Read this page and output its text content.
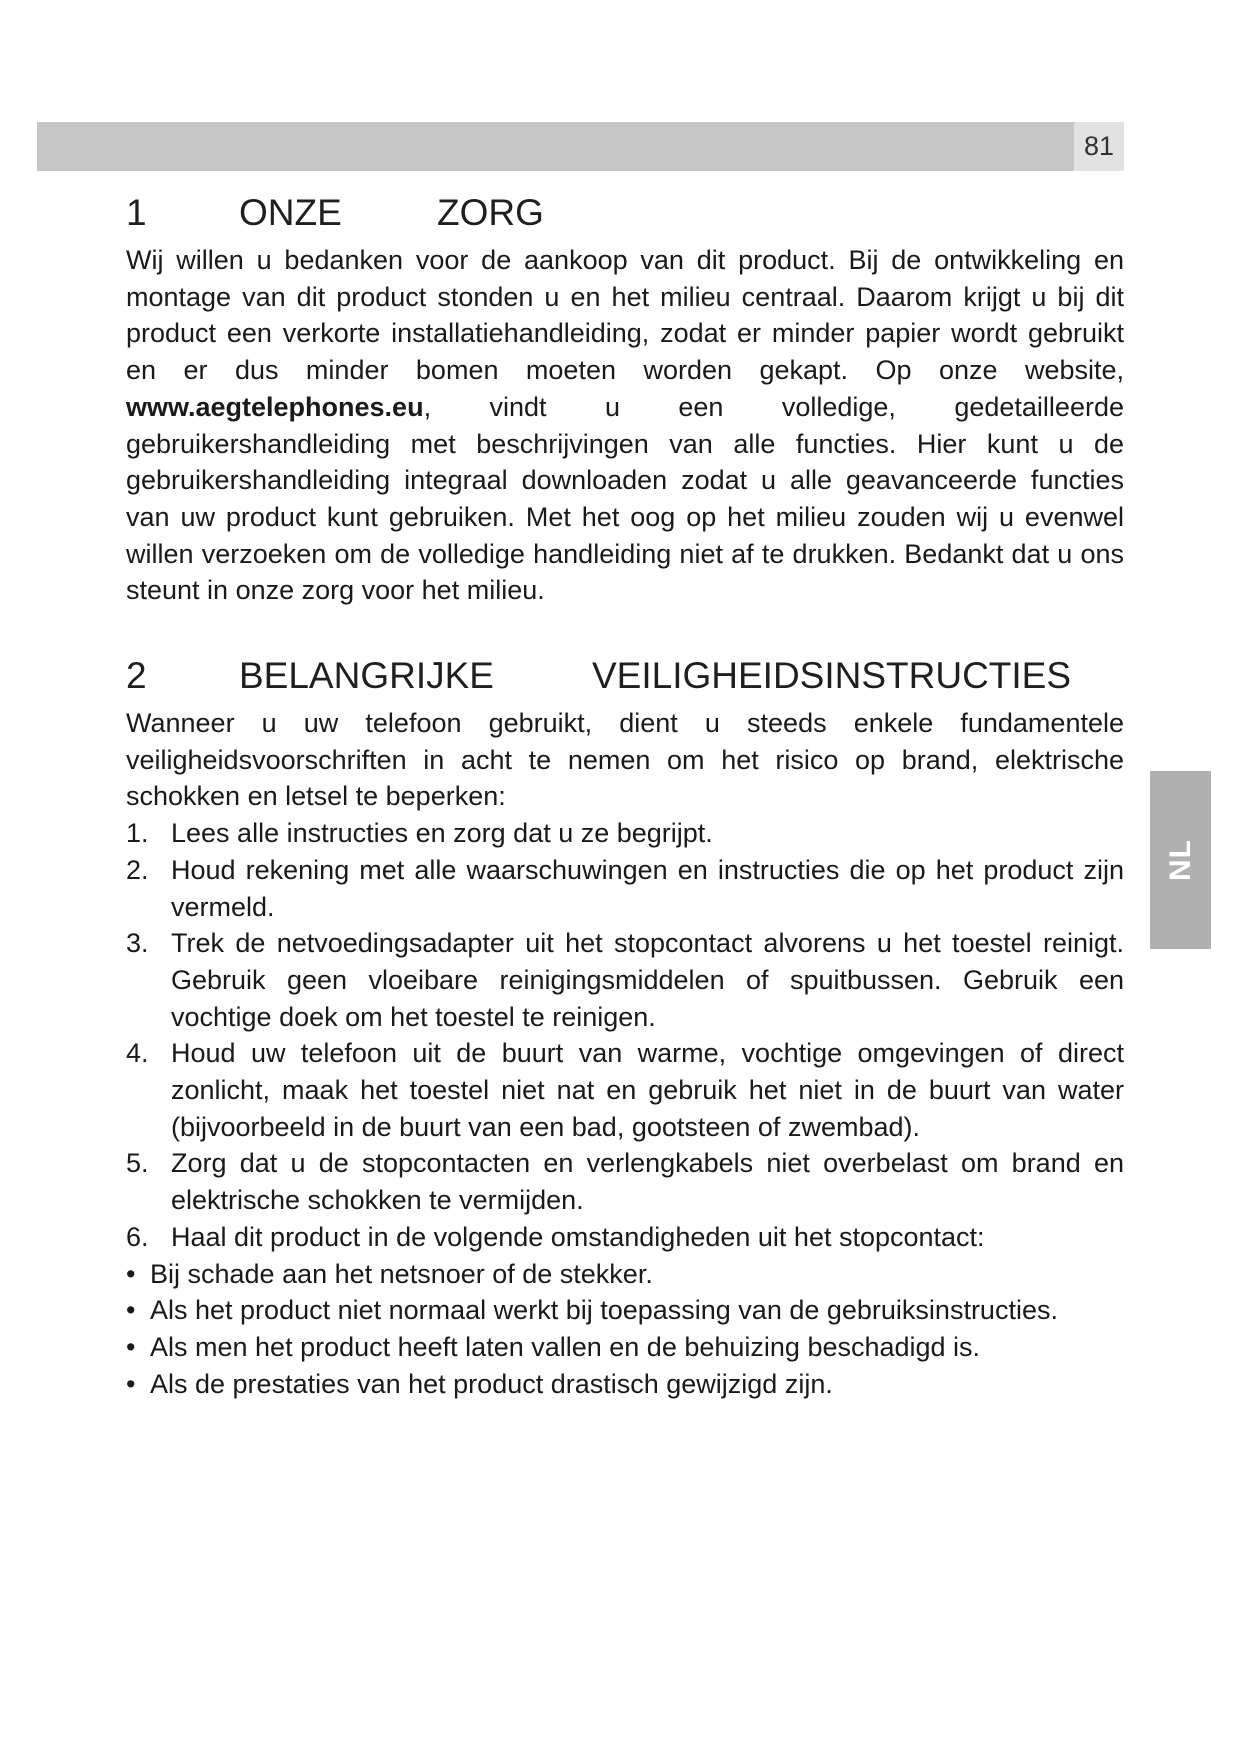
81
NL
1	ONZE	ZORG

Wij willen u bedanken voor de aankoop van dit product. Bij de ontwikkeling en montage van dit product stonden u en het milieu centraal. Daarom krijgt u bij dit product een verkorte installatiehandleiding, zodat er minder papier wordt gebruikt en er dus minder bomen moeten worden gekapt. Op onze website, www.aegtelephones.eu, vindt u een volledige, gedetailleerde gebruikershandleiding met beschrijvingen van alle functies. Hier kunt u de gebruikershandleiding integraal downloaden zodat u alle geavanceerde functies van uw product kunt gebruiken. Met het oog op het milieu zouden wij u evenwel willen verzoeken om de volledige handleiding niet af te drukken. Bedankt dat u ons steunt in onze zorg voor het milieu.

2	BELANGRIJKE	VEILIGHEIDSINSTRUCTIES

Wanneer u uw telefoon gebruikt, dient u steeds enkele fundamentele veiligheidsvoorschriften in acht te nemen om het risico op brand, elektrische schokken en letsel te beperken:

1. Lees alle instructies en zorg dat u ze begrijpt.
2. Houd rekening met alle waarschuwingen en instructies die op het product zijn vermeld.
3. Trek de netvoedingsadapter uit het stopcontact alvorens u het toestel reinigt. Gebruik geen vloeibare reinigingsmiddelen of spuitbussen. Gebruik een vochtige doek om het toestel te reinigen.
4. Houd uw telefoon uit de buurt van warme, vochtige omgevingen of direct zonlicht, maak het toestel niet nat en gebruik het niet in de buurt van water (bijvoorbeeld in de buurt van een bad, gootsteen of zwembad).
5. Zorg dat u de stopcontacten en verlengkabels niet overbelast om brand en elektrische schokken te vermijden.
6. Haal dit product in de volgende omstandigheden uit het stopcontact:
• Bij schade aan het netsnoer of de stekker.
• Als het product niet normaal werkt bij toepassing van de gebruiksinstructies.
• Als men het product heeft laten vallen en de behuizing beschadigd is.
• Als de prestaties van het product drastisch gewijzigd zijn.
